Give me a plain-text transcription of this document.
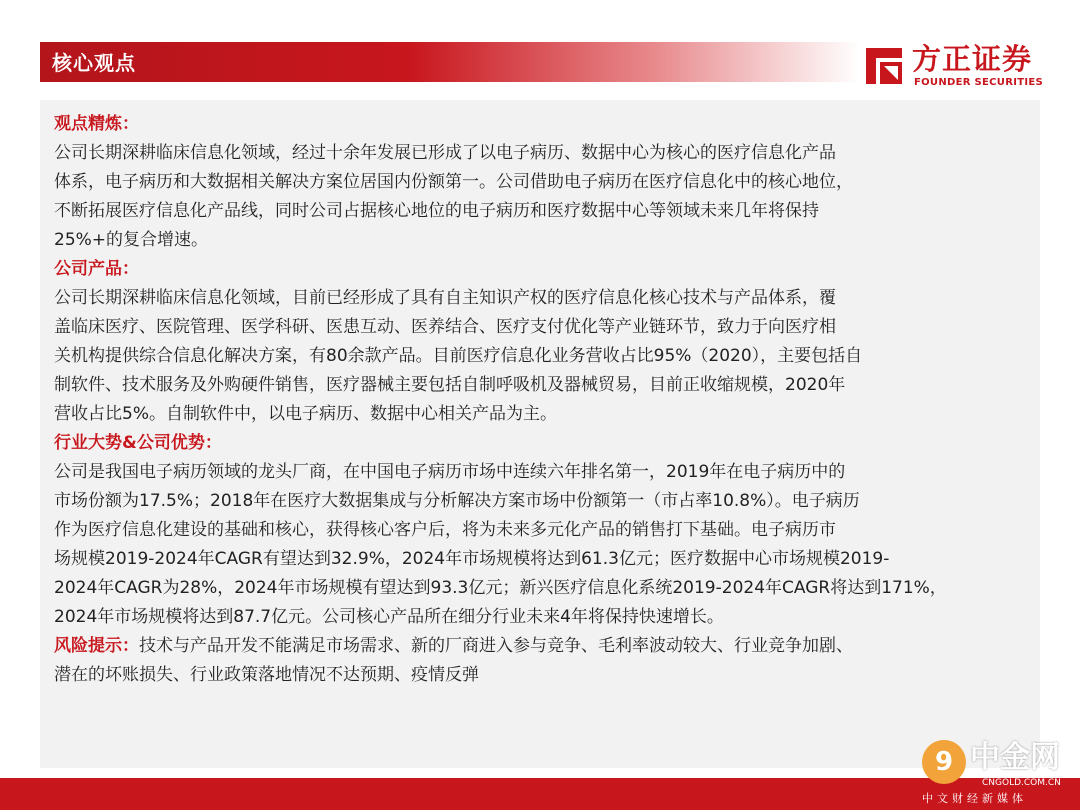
核心观点	方正证券
FOUNDER SECURITIES
观点精炼：
公司长期深耕临床信息化领域，经过十余年发展已形成了以电子病历、数据中心为核心的医疗信息化产品
体系，电子病历和大数据相关解决方案位居国内份额第一。公司借助电子病历在医疗信息化中的核心地位，
不断拓展医疗信息化产品线，同时公司占据核心地位的电子病历和医疗数据中心等领域未来几年将保持
25%+的复合增速。
公司产品：
公司长期深耕临床信息化领域，目前已经形成了具有自主知识产权的医疗信息化核心技术与产品体系，覆
盖临床医疗、医院管理、医学科研、医患互动、医养结合、医疗支付优化等产业链环节，致力于向医疗相
关机构提供综合信息化解决方案，有80余款产品。目前医疗信息化业务营收占比95%（2020），主要包括自
制软件、技术服务及外购硬件销售，医疗器械主要包括自制呼吸机及器械贸易，目前正收缩规模，2020年
营收占比5%。自制软件中，以电子病历、数据中心相关产品为主。
行业大势&公司优势：
公司是我国电子病历领域的龙头厂商，在中国电子病历市场中连续六年排名第一，2019年在电子病历中的
市场份额为17.5%；2018年在医疗大数据集成与分析解决方案市场中份额第一（市占率10.8%）。电子病历
作为医疗信息化建设的基础和核心，获得核心客户后，将为未来多元化产品的销售打下基础。电子病历市
场规模2019-2024年CAGR有望达到32.9%，2024年市场规模将达到61.3亿元；医疗数据中心市场规模2019-
2024年CAGR为28%，2024年市场规模有望达到93.3亿元；新兴医疗信息化系统2019-2024年CAGR将达到171%，
2024年市场规模将达到87.7亿元。公司核心产品所在细分行业未来4年将保持快速增长。
风险提示：技术与产品开发不能满足市场需求、新的厂商进入参与竞争、毛利率波动较大、行业竞争加剧、
潜在的坏账损失、行业政策落地情况不达预期、疫情反弹
9 中金网
CNGOLD.COM.CN
中文财经新媒体
